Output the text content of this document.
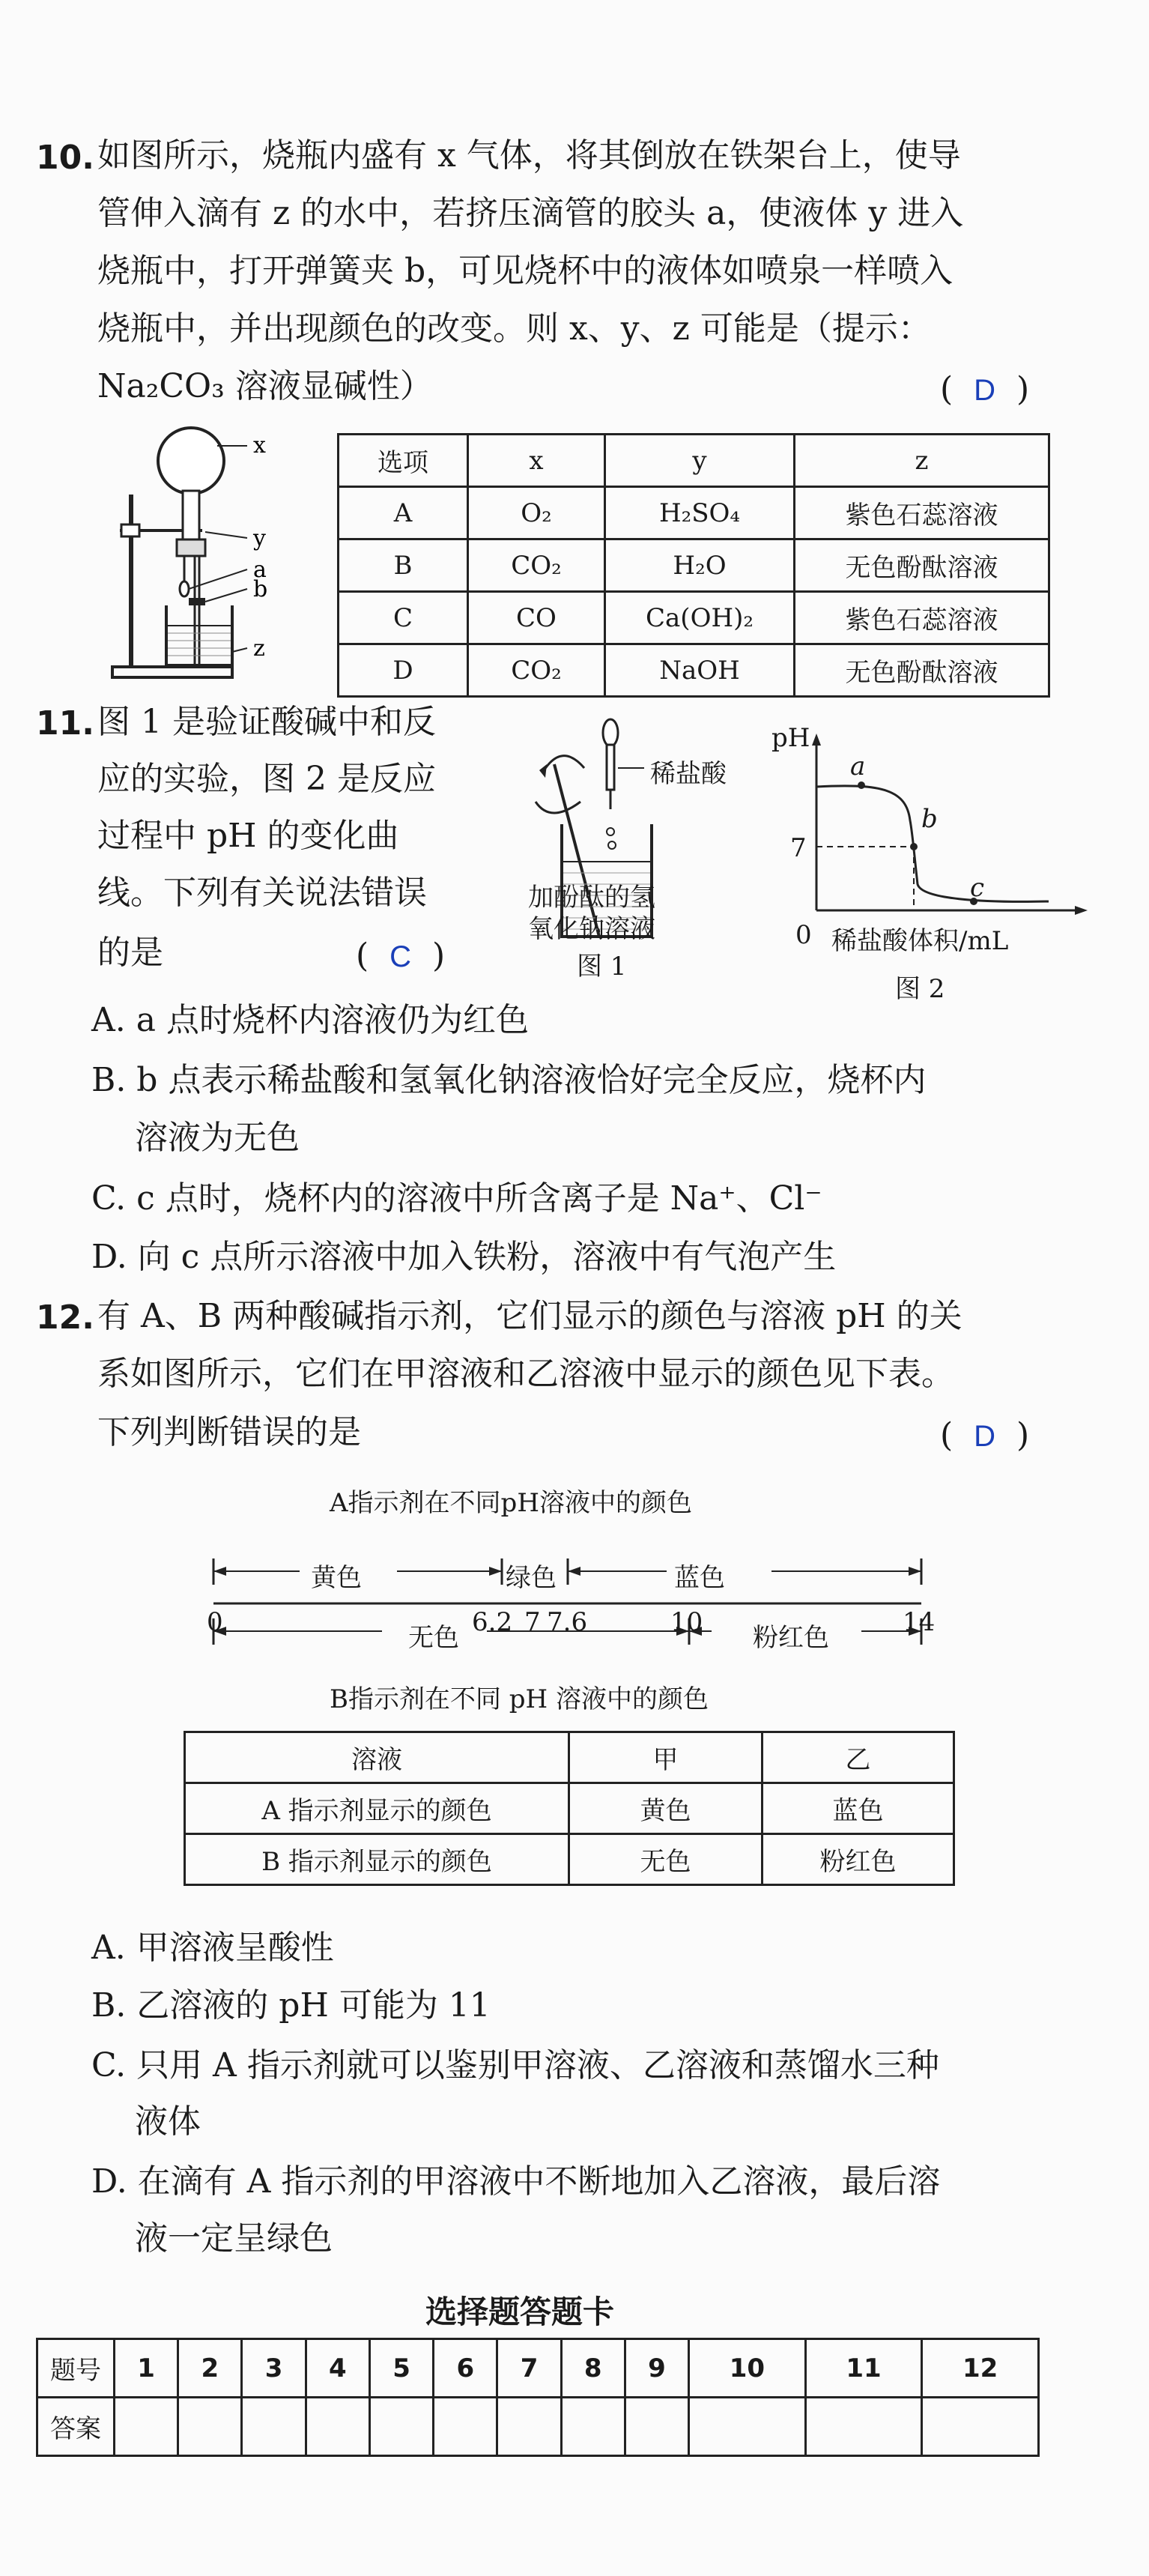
10. 如图所示，烧瓶内盛有 x 气体，将其倒放在铁架台上，使导
管伸入滴有 z 的水中，若挤压滴管的胶头 a，使液体 y 进入
烧瓶中，打开弹簧夹 b，可见烧杯中的液体如喷泉一样喷入
烧瓶中，并出现颜色的改变。则 x、y、z 可能是（提示：
Na₂CO₃ 溶液显碱性）	(  D  )
x
y
a
b
z
选项	x	y	z
A	O₂	H₂SO₄	紫色石蕊溶液
B	CO₂	H₂O	无色酚酞溶液
C	CO	Ca(OH)₂	紫色石蕊溶液
D	CO₂	NaOH	无色酚酞溶液
11. 图 1 是验证酸碱中和反
应的实验，图 2 是反应
过程中 pH 的变化曲
线。下列有关说法错误
的是	(  C  )
稀盐酸
加酚酞的氢
氧化钠溶液
图 1
pH
a
b
c
7
0 稀盐酸体积/mL
图 2
A. a 点时烧杯内溶液仍为红色
B. b 点表示稀盐酸和氢氧化钠溶液恰好完全反应，烧杯内
溶液为无色
C. c 点时，烧杯内的溶液中所含离子是 Na⁺、Cl⁻
D. 向 c 点所示溶液中加入铁粉，溶液中有气泡产生
12. 有 A、B 两种酸碱指示剂，它们显示的颜色与溶液 pH 的关
系如图所示，它们在甲溶液和乙溶液中显示的颜色见下表。
下列判断错误的是	(  D  )
A指示剂在不同pH溶液中的颜色
黄色	绿色	蓝色
0	6.2 7 7.6	10	14
无色	粉红色
B指示剂在不同 pH 溶液中的颜色
溶液	甲	乙
A 指示剂显示的颜色	黄色	蓝色
B 指示剂显示的颜色	无色	粉红色
A. 甲溶液呈酸性
B. 乙溶液的 pH 可能为 11
C. 只用 A 指示剂就可以鉴别甲溶液、乙溶液和蒸馏水三种
液体
D. 在滴有 A 指示剂的甲溶液中不断地加入乙溶液，最后溶
液一定呈绿色
选择题答题卡
题号	1	2	3	4	5	6	7	8	9	10	11	12
答案												
